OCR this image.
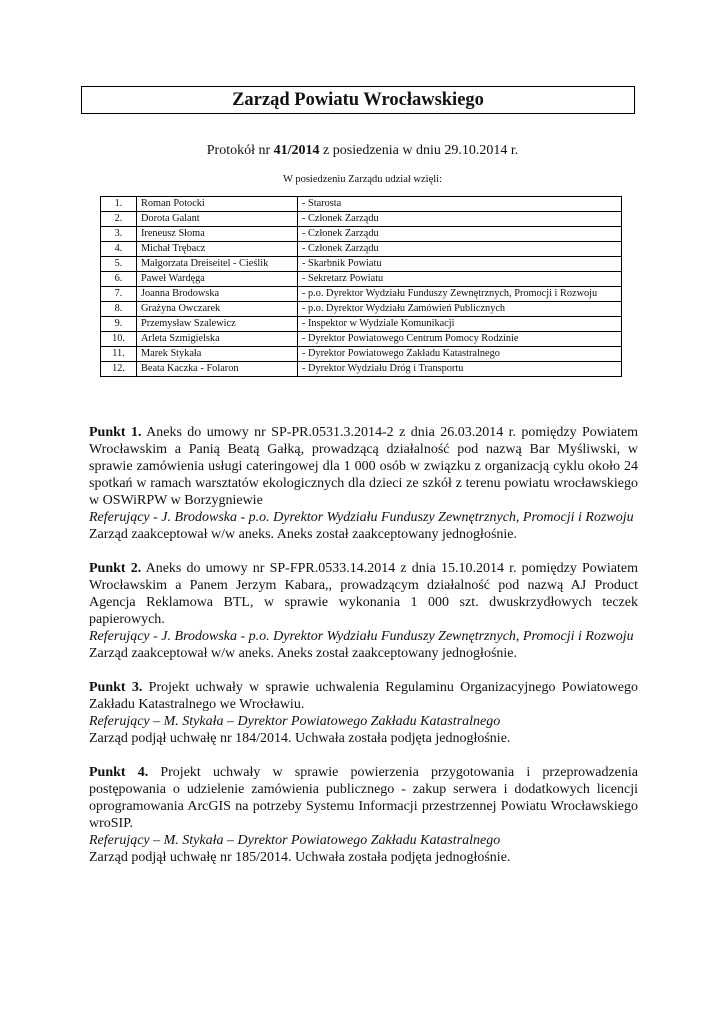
Zarząd Powiatu Wrocławskiego
Protokół nr 41/2014 z posiedzenia w dniu 29.10.2014 r.
W posiedzeniu Zarządu udział wzięli:
1.	Roman Potocki	- Starosta
2.	Dorota Galant	- Członek Zarządu
3.	Ireneusz Słoma	- Członek Zarządu
4.	Michał Trębacz	- Członek Zarządu
5.	Małgorzata Dreiseitel - Cieślik	- Skarbnik Powiatu
6.	Paweł Wardęga	- Sekretarz Powiatu
7.	Joanna Brodowska	- p.o. Dyrektor Wydziału Funduszy Zewnętrznych, Promocji i Rozwoju
8.	Grażyna Owczarek	- p.o. Dyrektor Wydziału Zamówień Publicznych
9.	Przemysław Szalewicz	- Inspektor w Wydziale Komunikacji
10.	Arleta Szmigielska	- Dyrektor Powiatowego Centrum Pomocy Rodzinie
11.	Marek Stykała	- Dyrektor Powiatowego Zakładu Katastralnego
12.	Beata Kaczka - Folaron	- Dyrektor Wydziału Dróg i Transportu

Punkt 1. Aneks do umowy nr SP-PR.0531.3.2014-2 z dnia 26.03.2014 r. pomiędzy Powiatem Wrocławskim a Panią Beatą Gałką, prowadzącą działalność pod nazwą Bar Myśliwski, w sprawie zamówienia usługi cateringowej dla 1 000 osób w związku z organizacją cyklu około 24 spotkań w ramach warsztatów ekologicznych dla dzieci ze szkół z terenu powiatu wrocławskiego w OSWiRPW w Borzygniewie

Referujący - J. Brodowska - p.o. Dyrektor Wydziału Funduszy Zewnętrznych, Promocji i Rozwoju

Zarząd zaakceptował w/w aneks. Aneks został zaakceptowany jednogłośnie.

Punkt 2. Aneks do umowy nr SP-FPR.0533.14.2014 z dnia 15.10.2014 r. pomiędzy Powiatem Wrocławskim a Panem Jerzym Kabara,, prowadzącym działalność pod nazwą AJ Product Agencja Reklamowa BTL, w sprawie wykonania 1 000 szt. dwuskrzydłowych teczek papierowych.

Referujący - J. Brodowska - p.o. Dyrektor Wydziału Funduszy Zewnętrznych, Promocji i Rozwoju

Zarząd zaakceptował w/w aneks. Aneks został zaakceptowany jednogłośnie.

Punkt 3. Projekt uchwały w sprawie uchwalenia Regulaminu Organizacyjnego Powiatowego Zakładu Katastralnego we Wrocławiu.

Referujący – M. Stykała – Dyrektor Powiatowego Zakładu Katastralnego

Zarząd podjął uchwałę nr 184/2014. Uchwała została podjęta jednogłośnie.

Punkt 4. Projekt uchwały w sprawie powierzenia przygotowania i przeprowadzenia postępowania o udzielenie zamówienia publicznego - zakup serwera i dodatkowych licencji oprogramowania ArcGIS na potrzeby Systemu Informacji przestrzennej Powiatu Wrocławskiego wroSIP.

Referujący – M. Stykała – Dyrektor Powiatowego Zakładu Katastralnego

Zarząd podjął uchwałę nr 185/2014. Uchwała została podjęta jednogłośnie.
